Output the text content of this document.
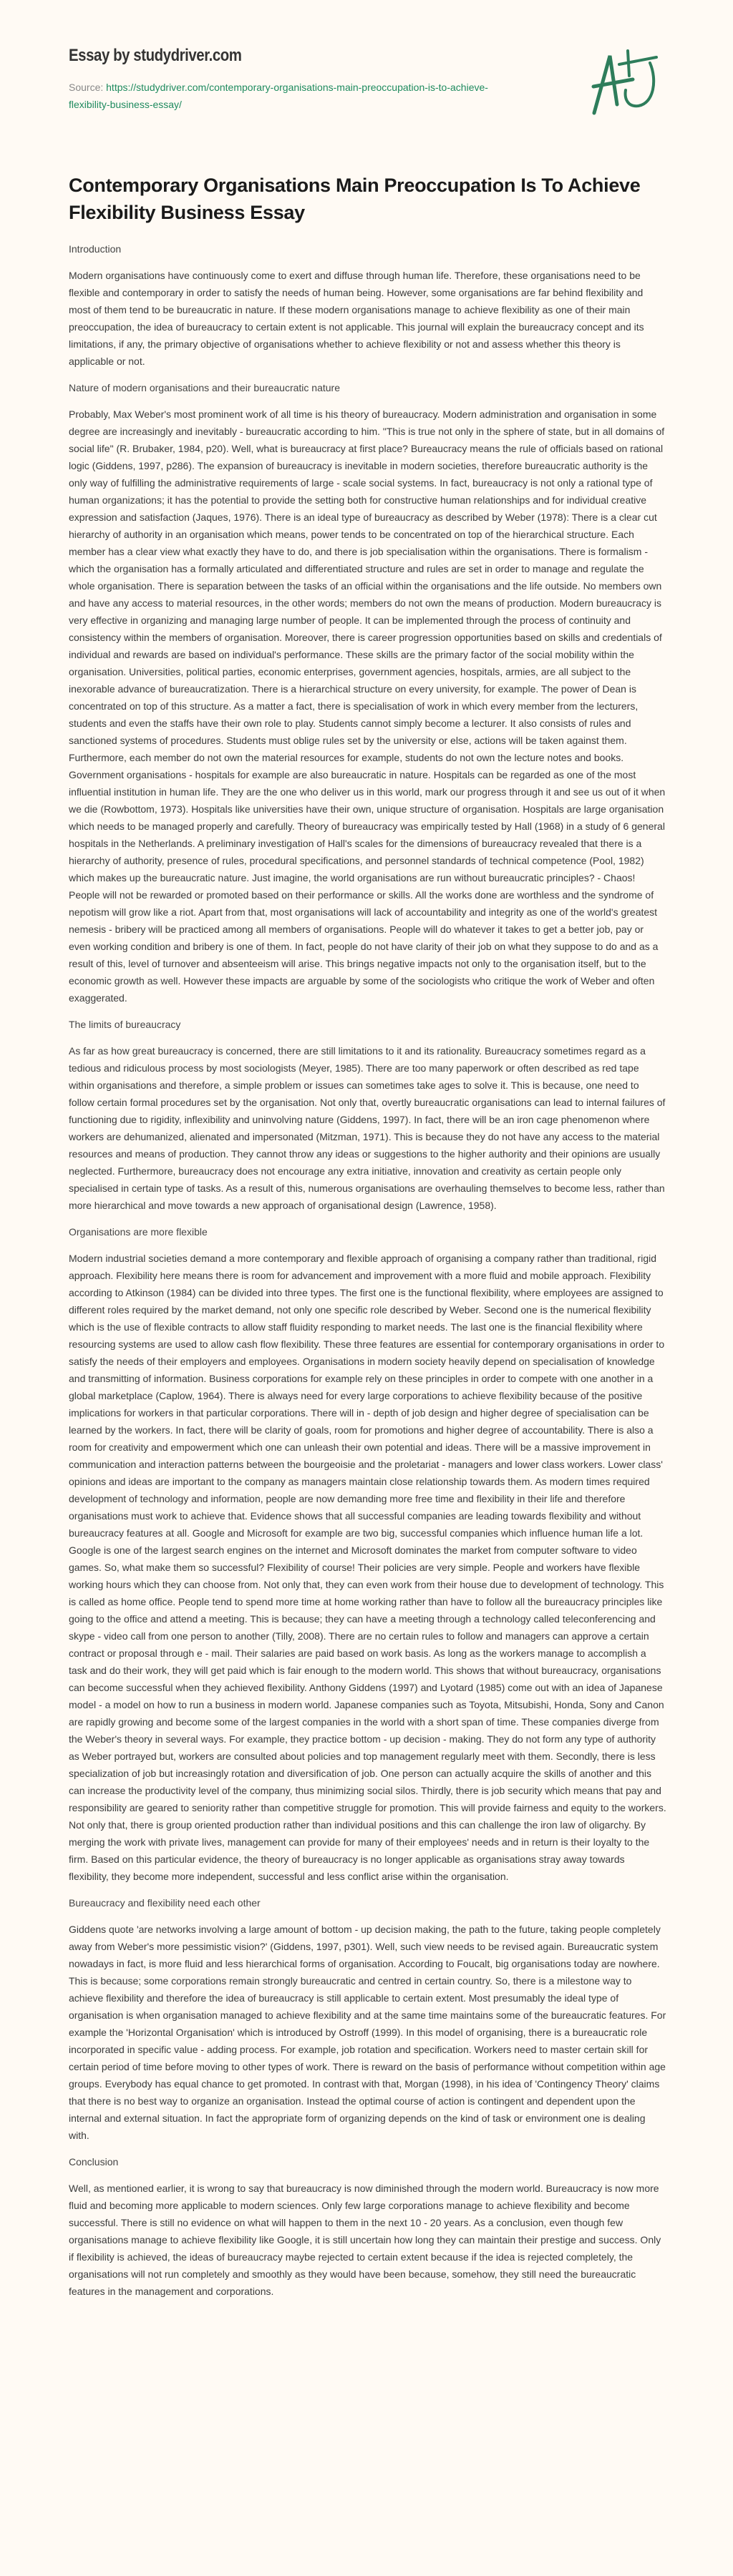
Essay by studydriver.com

Source: https://studydriver.com/contemporary-organisations-main-preoccupation-is-to-achieve-flexibility-business-essay/
Contemporary Organisations Main Preoccupation Is To Achieve Flexibility Business Essay

Introduction

Modern organisations have continuously come to exert and diffuse through human life. Therefore, these organisations need to be flexible and contemporary in order to satisfy the needs of human being. However, some organisations are far behind flexibility and most of them tend to be bureaucratic in nature. If these modern organisations manage to achieve flexibility as one of their main preoccupation, the idea of bureaucracy to certain extent is not applicable. This journal will explain the bureaucracy concept and its limitations, if any, the primary objective of organisations whether to achieve flexibility or not and assess whether this theory is applicable or not.

Nature of modern organisations and their bureaucratic nature

Probably, Max Weber's most prominent work of all time is his theory of bureaucracy. Modern administration and organisation in some degree are increasingly and inevitably - bureaucratic according to him. "This is true not only in the sphere of state, but in all domains of social life" (R. Brubaker, 1984, p20). Well, what is bureaucracy at first place? Bureaucracy means the rule of officials based on rational logic (Giddens, 1997, p286). The expansion of bureaucracy is inevitable in modern societies, therefore bureaucratic authority is the only way of fulfilling the administrative requirements of large - scale social systems. In fact, bureaucracy is not only a rational type of human organizations; it has the potential to provide the setting both for constructive human relationships and for individual creative expression and satisfaction (Jaques, 1976). There is an ideal type of bureaucracy as described by Weber (1978): There is a clear cut hierarchy of authority in an organisation which means, power tends to be concentrated on top of the hierarchical structure. Each member has a clear view what exactly they have to do, and there is job specialisation within the organisations. There is formalism - which the organisation has a formally articulated and differentiated structure and rules are set in order to manage and regulate the whole organisation. There is separation between the tasks of an official within the organisations and the life outside. No members own and have any access to material resources, in the other words; members do not own the means of production. Modern bureaucracy is very effective in organizing and managing large number of people. It can be implemented through the process of continuity and consistency within the members of organisation. Moreover, there is career progression opportunities based on skills and credentials of individual and rewards are based on individual's performance. These skills are the primary factor of the social mobility within the organisation. Universities, political parties, economic enterprises, government agencies, hospitals, armies, are all subject to the inexorable advance of bureaucratization. There is a hierarchical structure on every university, for example. The power of Dean is concentrated on top of this structure. As a matter a fact, there is specialisation of work in which every member from the lecturers, students and even the staffs have their own role to play. Students cannot simply become a lecturer. It also consists of rules and sanctioned systems of procedures. Students must oblige rules set by the university or else, actions will be taken against them. Furthermore, each member do not own the material resources for example, students do not own the lecture notes and books. Government organisations - hospitals for example are also bureaucratic in nature. Hospitals can be regarded as one of the most influential institution in human life. They are the one who deliver us in this world, mark our progress through it and see us out of it when we die (Rowbottom, 1973). Hospitals like universities have their own, unique structure of organisation. Hospitals are large organisation which needs to be managed properly and carefully. Theory of bureaucracy was empirically tested by Hall (1968) in a study of 6 general hospitals in the Netherlands. A preliminary investigation of Hall's scales for the dimensions of bureaucracy revealed that there is a hierarchy of authority, presence of rules, procedural specifications, and personnel standards of technical competence (Pool, 1982) which makes up the bureaucratic nature. Just imagine, the world organisations are run without bureaucratic principles? - Chaos! People will not be rewarded or promoted based on their performance or skills. All the works done are worthless and the syndrome of nepotism will grow like a riot. Apart from that, most organisations will lack of accountability and integrity as one of the world's greatest nemesis - bribery will be practiced among all members of organisations. People will do whatever it takes to get a better job, pay or even working condition and bribery is one of them. In fact, people do not have clarity of their job on what they suppose to do and as a result of this, level of turnover and absenteeism will arise. This brings negative impacts not only to the organisation itself, but to the economic growth as well. However these impacts are arguable by some of the sociologists who critique the work of Weber and often exaggerated.

The limits of bureaucracy

As far as how great bureaucracy is concerned, there are still limitations to it and its rationality. Bureaucracy sometimes regard as a tedious and ridiculous process by most sociologists (Meyer, 1985). There are too many paperwork or often described as red tape within organisations and therefore, a simple problem or issues can sometimes take ages to solve it. This is because, one need to follow certain formal procedures set by the organisation. Not only that, overtly bureaucratic organisations can lead to internal failures of functioning due to rigidity, inflexibility and uninvolving nature (Giddens, 1997). In fact, there will be an iron cage phenomenon where workers are dehumanized, alienated and impersonated (Mitzman, 1971). This is because they do not have any access to the material resources and means of production. They cannot throw any ideas or suggestions to the higher authority and their opinions are usually neglected. Furthermore, bureaucracy does not encourage any extra initiative, innovation and creativity as certain people only specialised in certain type of tasks. As a result of this, numerous organisations are overhauling themselves to become less, rather than more hierarchical and move towards a new approach of organisational design (Lawrence, 1958).

Organisations are more flexible

Modern industrial societies demand a more contemporary and flexible approach of organising a company rather than traditional, rigid approach. Flexibility here means there is room for advancement and improvement with a more fluid and mobile approach. Flexibility according to Atkinson (1984) can be divided into three types. The first one is the functional flexibility, where employees are assigned to different roles required by the market demand, not only one specific role described by Weber. Second one is the numerical flexibility which is the use of flexible contracts to allow staff fluidity responding to market needs. The last one is the financial flexibility where resourcing systems are used to allow cash flow flexibility. These three features are essential for contemporary organisations in order to satisfy the needs of their employers and employees. Organisations in modern society heavily depend on specialisation of knowledge and transmitting of information. Business corporations for example rely on these principles in order to compete with one another in a global marketplace (Caplow, 1964). There is always need for every large corporations to achieve flexibility because of the positive implications for workers in that particular corporations. There will in - depth of job design and higher degree of specialisation can be learned by the workers. In fact, there will be clarity of goals, room for promotions and higher degree of accountability. There is also a room for creativity and empowerment which one can unleash their own potential and ideas. There will be a massive improvement in communication and interaction patterns between the bourgeoisie and the proletariat - managers and lower class workers. Lower class' opinions and ideas are important to the company as managers maintain close relationship towards them. As modern times required development of technology and information, people are now demanding more free time and flexibility in their life and therefore organisations must work to achieve that. Evidence shows that all successful companies are leading towards flexibility and without bureaucracy features at all. Google and Microsoft for example are two big, successful companies which influence human life a lot. Google is one of the largest search engines on the internet and Microsoft dominates the market from computer software to video games. So, what make them so successful? Flexibility of course! Their policies are very simple. People and workers have flexible working hours which they can choose from. Not only that, they can even work from their house due to development of technology. This is called as home office. People tend to spend more time at home working rather than have to follow all the bureaucracy principles like going to the office and attend a meeting. This is because; they can have a meeting through a technology called teleconferencing and skype - video call from one person to another (Tilly, 2008). There are no certain rules to follow and managers can approve a certain contract or proposal through e - mail. Their salaries are paid based on work basis. As long as the workers manage to accomplish a task and do their work, they will get paid which is fair enough to the modern world. This shows that without bureaucracy, organisations can become successful when they achieved flexibility. Anthony Giddens (1997) and Lyotard (1985) come out with an idea of Japanese model - a model on how to run a business in modern world. Japanese companies such as Toyota, Mitsubishi, Honda, Sony and Canon are rapidly growing and become some of the largest companies in the world with a short span of time. These companies diverge from the Weber's theory in several ways. For example, they practice bottom - up decision - making. They do not form any type of authority as Weber portrayed but, workers are consulted about policies and top management regularly meet with them. Secondly, there is less specialization of job but increasingly rotation and diversification of job. One person can actually acquire the skills of another and this can increase the productivity level of the company, thus minimizing social silos. Thirdly, there is job security which means that pay and responsibility are geared to seniority rather than competitive struggle for promotion. This will provide fairness and equity to the workers. Not only that, there is group oriented production rather than individual positions and this can challenge the iron law of oligarchy. By merging the work with private lives, management can provide for many of their employees' needs and in return is their loyalty to the firm. Based on this particular evidence, the theory of bureaucracy is no longer applicable as organisations stray away towards flexibility, they become more independent, successful and less conflict arise within the organisation.

Bureaucracy and flexibility need each other

Giddens quote 'are networks involving a large amount of bottom - up decision making, the path to the future, taking people completely away from Weber's more pessimistic vision?' (Giddens, 1997, p301). Well, such view needs to be revised again. Bureaucratic system nowadays in fact, is more fluid and less hierarchical forms of organisation. According to Foucalt, big organisations today are nowhere. This is because; some corporations remain strongly bureaucratic and centred in certain country. So, there is a milestone way to achieve flexibility and therefore the idea of bureaucracy is still applicable to certain extent. Most presumably the ideal type of organisation is when organisation managed to achieve flexibility and at the same time maintains some of the bureaucratic features. For example the 'Horizontal Organisation' which is introduced by Ostroff (1999). In this model of organising, there is a bureaucratic role incorporated in specific value - adding process. For example, job rotation and specification. Workers need to master certain skill for certain period of time before moving to other types of work. There is reward on the basis of performance without competition within age groups. Everybody has equal chance to get promoted. In contrast with that, Morgan (1998), in his idea of 'Contingency Theory' claims that there is no best way to organize an organisation. Instead the optimal course of action is contingent and dependent upon the internal and external situation. In fact the appropriate form of organizing depends on the kind of task or environment one is dealing with.

Conclusion

Well, as mentioned earlier, it is wrong to say that bureaucracy is now diminished through the modern world. Bureaucracy is now more fluid and becoming more applicable to modern sciences. Only few large corporations manage to achieve flexibility and become successful. There is still no evidence on what will happen to them in the next 10 - 20 years. As a conclusion, even though few organisations manage to achieve flexibility like Google, it is still uncertain how long they can maintain their prestige and success. Only if flexibility is achieved, the ideas of bureaucracy maybe rejected to certain extent because if the idea is rejected completely, the organisations will not run completely and smoothly as they would have been because, somehow, they still need the bureaucratic features in the management and corporations.
